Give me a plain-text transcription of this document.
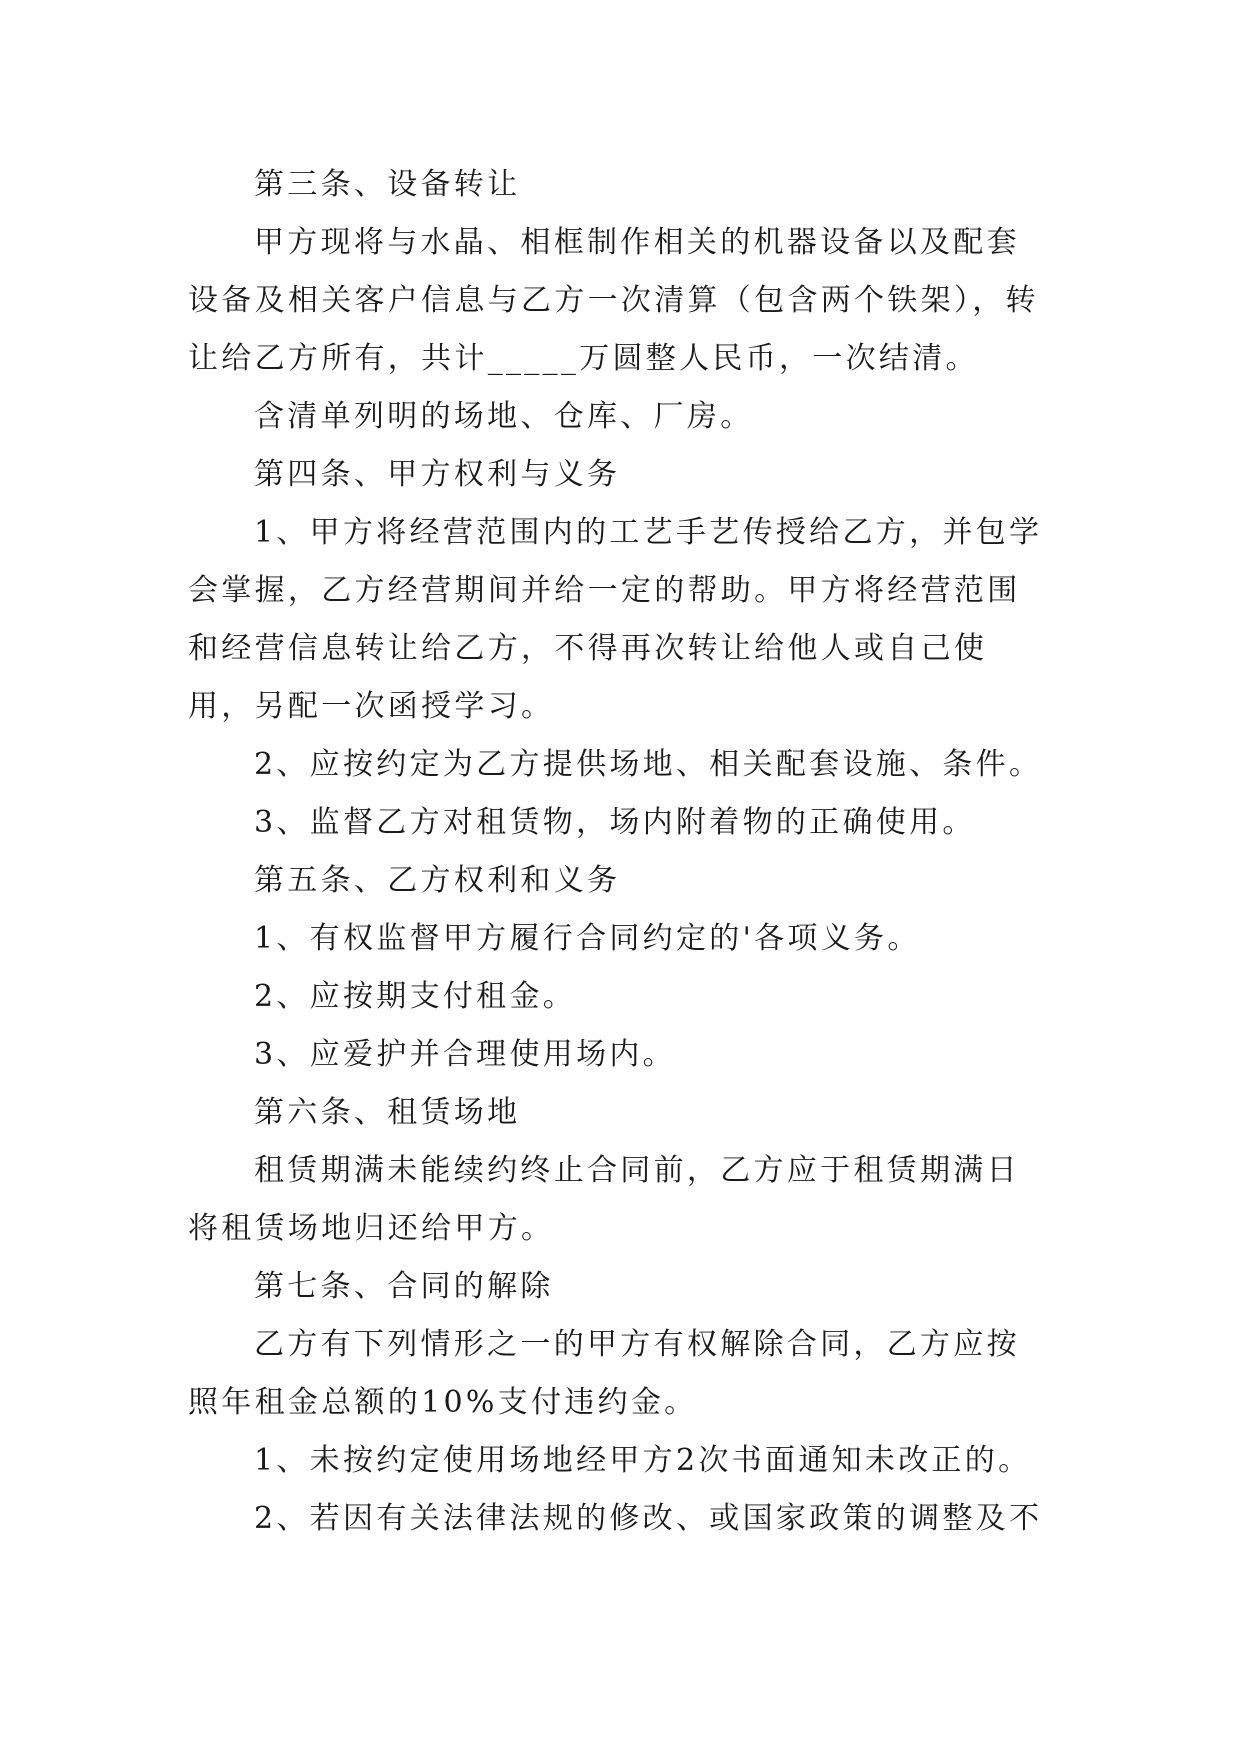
第三条、设备转让

甲方现将与水晶、相框制作相关的机器设备以及配套设备及相关客户信息与乙方一次清算（包含两个铁架），转让给乙方所有，共计_____万圆整人民币，一次结清。

含清单列明的场地、仓库、厂房。

第四条、甲方权利与义务

1、甲方将经营范围内的工艺手艺传授给乙方，并包学会掌握，乙方经营期间并给一定的帮助。甲方将经营范围和经营信息转让给乙方，不得再次转让给他人或自己使用，另配一次函授学习。

2、应按约定为乙方提供场地、相关配套设施、条件。

3、监督乙方对租赁物，场内附着物的正确使用。

第五条、乙方权利和义务

1、有权监督甲方履行合同约定的'各项义务。

2、应按期支付租金。

3、应爱护并合理使用场内。

第六条、租赁场地

租赁期满未能续约终止合同前，乙方应于租赁期满日将租赁场地归还给甲方。

第七条、合同的解除

乙方有下列情形之一的甲方有权解除合同，乙方应按照年租金总额的10%支付违约金。

1、未按约定使用场地经甲方2次书面通知未改正的。

2、若因有关法律法规的修改、或国家政策的调整及不
